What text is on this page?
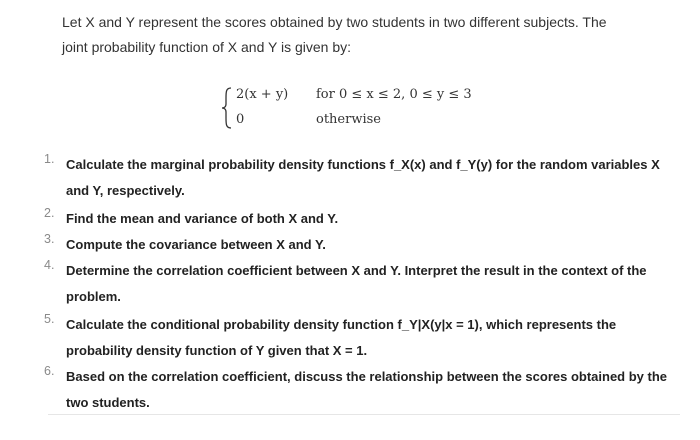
Let X and Y represent the scores obtained by two students in two different subjects. The
joint probability function of X and Y is given by:
2(x + y) for 0 ≤ x ≤ 2, 0 ≤ y ≤ 3
0	otherwise
1. Calculate the marginal probability density functions f_X(x) and f_Y(y) for the random variables X and Y, respectively.
2. Find the mean and variance of both X and Y.
3. Compute the covariance between X and Y.
4. Determine the correlation coefficient between X and Y. Interpret the result in the context of the problem.
5. Calculate the conditional probability density function f_Y|X(y|x = 1), which represents the probability density function of Y given that X = 1.
6. Based on the correlation coefficient, discuss the relationship between the scores obtained by the two students.
